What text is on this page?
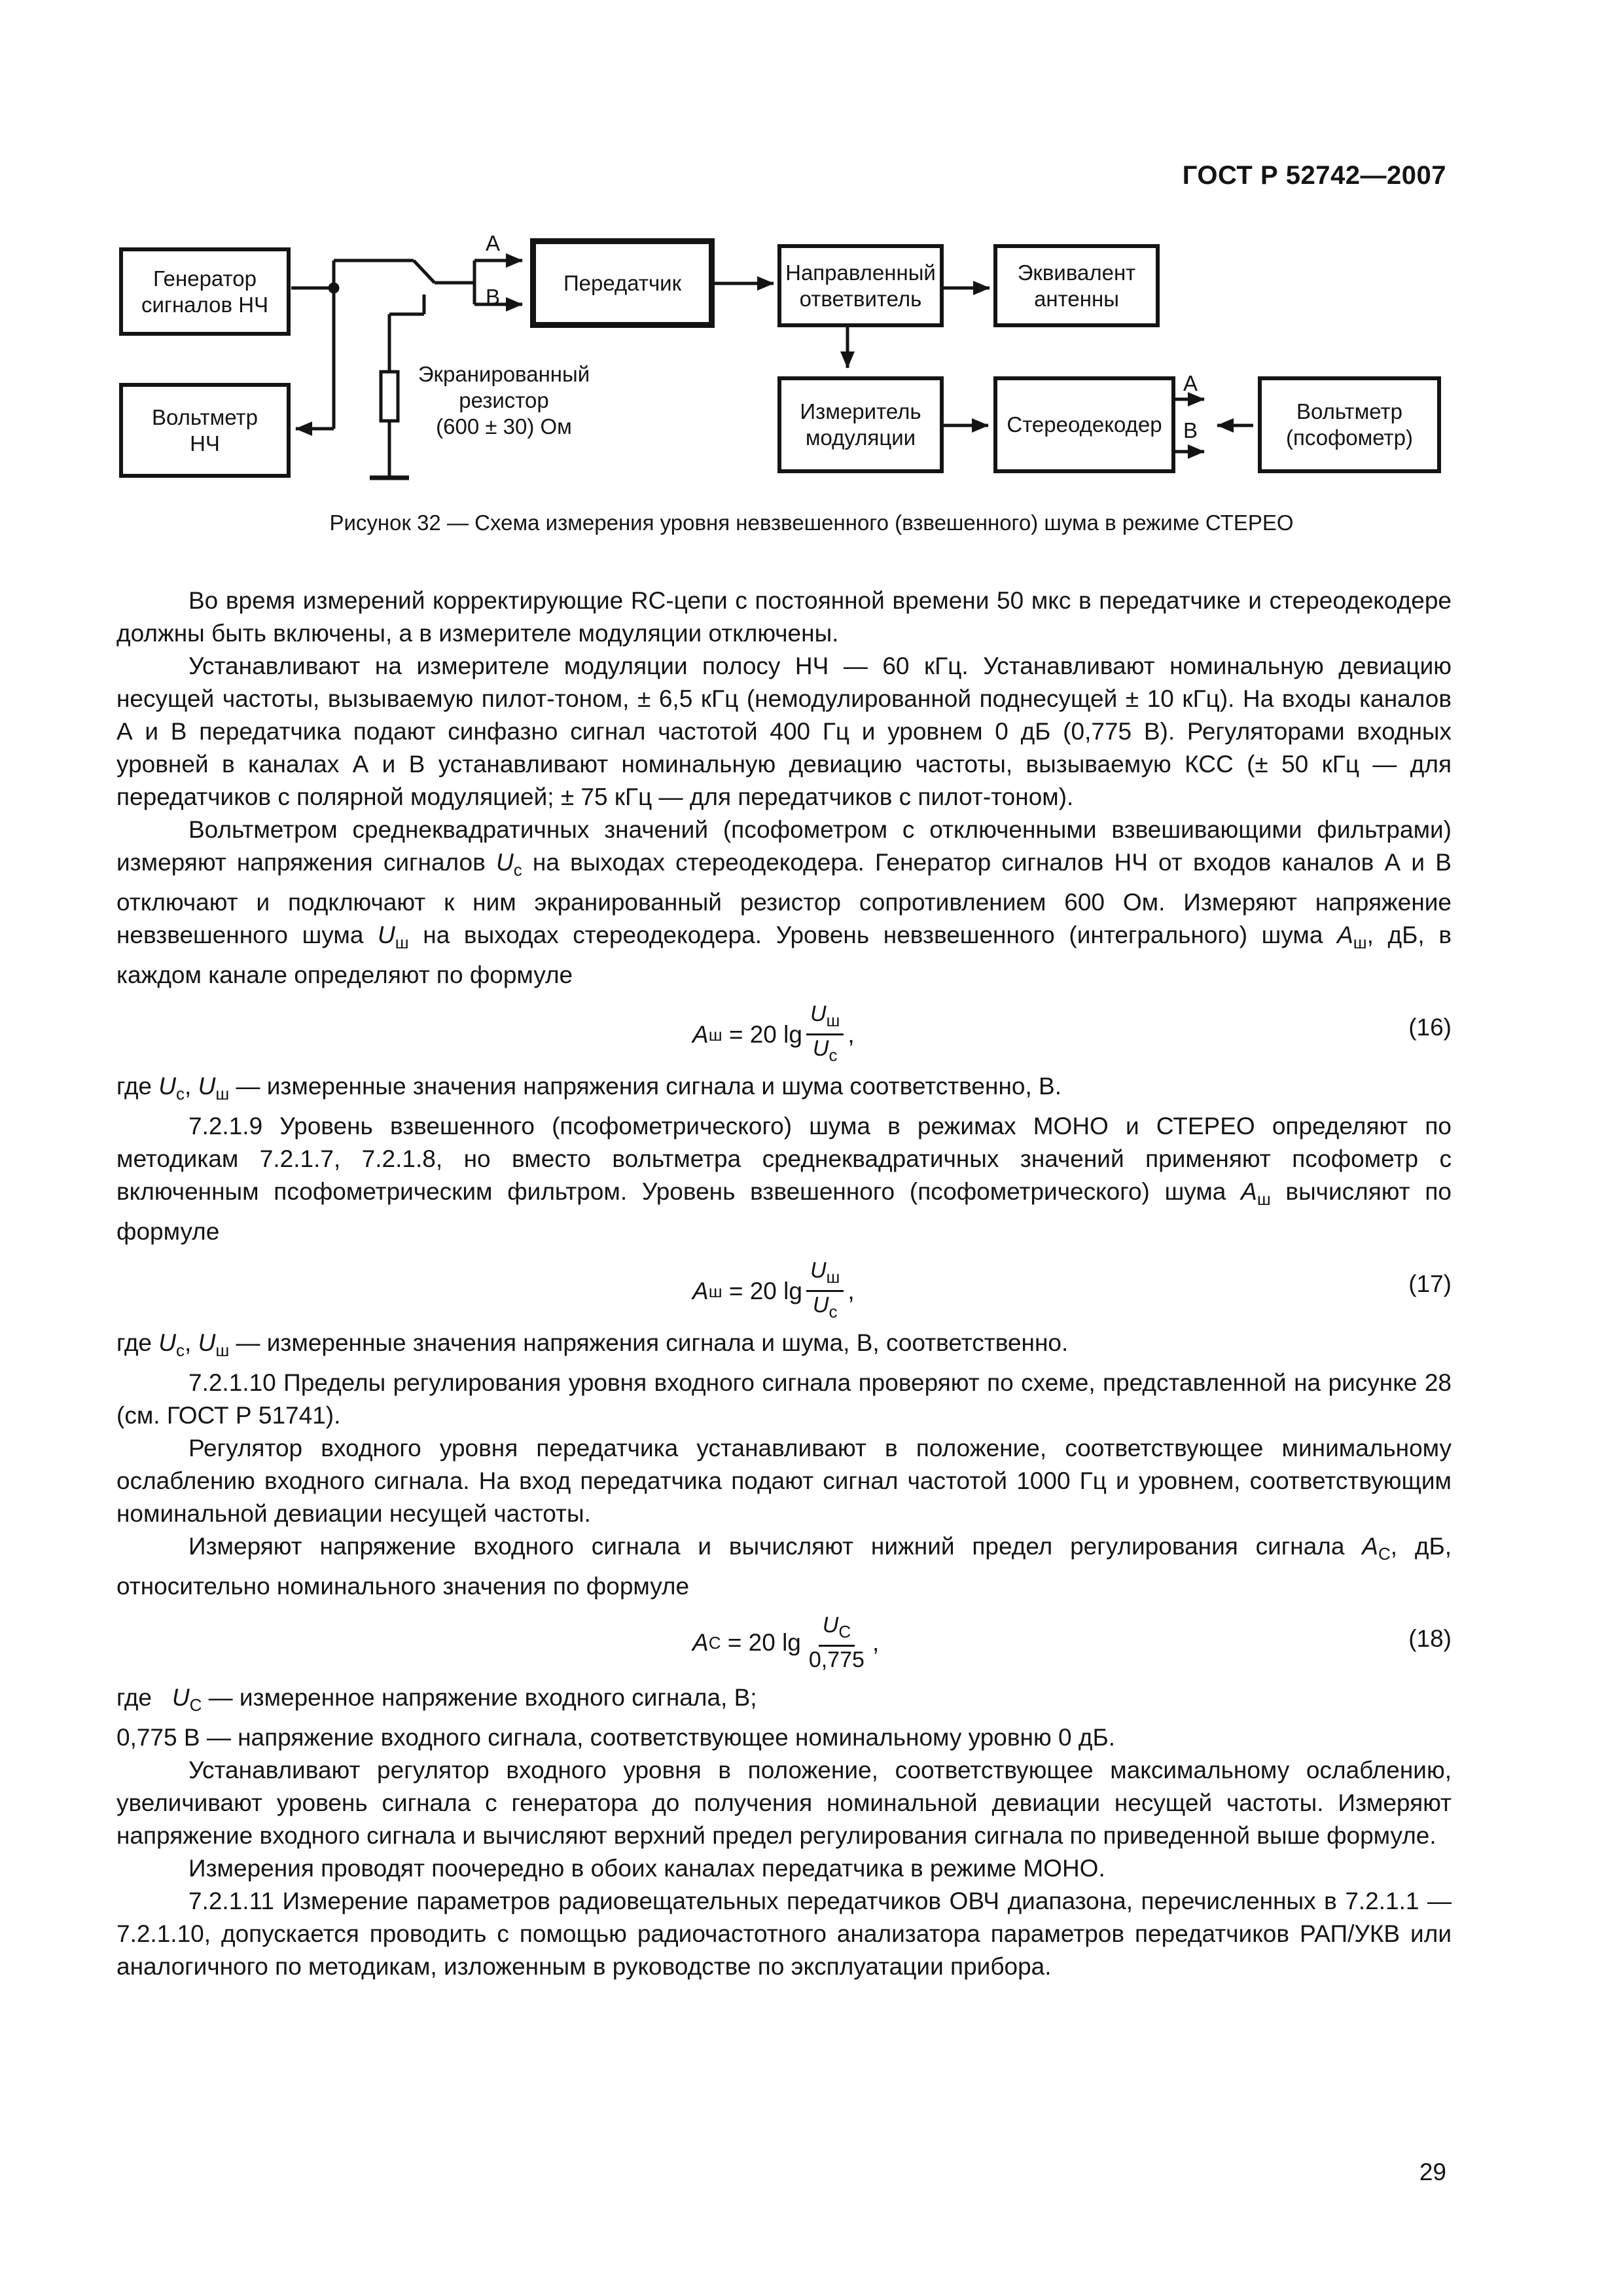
ГОСТ Р 52742—2007
Генератор
сигналов НЧ
Вольтметр
НЧ
Передатчик	Направленный
ответвитель
Эквивалент
антенны
Измеритель
модуляции
Стереодекодер
Вольтметр
(псофометр)
Экранированный
резистор
(600 ± 30) Ом
А
В
А
В
Рисунок 32 — Схема измерения уровня невзвешенного (взвешенного) шума в режиме СТЕРЕО

Во время измерений корректирующие RC-цепи с постоянной времени 50 мкс в передатчике и стереодекодере должны быть включены, а в измерителе модуляции отключены.

Устанавливают на измерителе модуляции полосу НЧ — 60 кГц. Устанавливают номинальную девиацию несущей частоты, вызываемую пилот-тоном, ± 6,5 кГц (немодулированной поднесущей ± 10 кГц). На входы каналов А и В передатчика подают синфазно сигнал частотой 400 Гц и уровнем 0 дБ (0,775 В). Регуляторами входных уровней в каналах А и В устанавливают номинальную девиацию частоты, вызываемую КСС (± 50 кГц — для передатчиков с полярной модуляцией; ± 75 кГц — для передатчиков с пилот-тоном).

Вольтметром среднеквадратичных значений (псофометром с отключенными взвешивающими фильтрами) измеряют напряжения сигналов $U_с$ на выходах стереодекодера. Генератор сигналов НЧ от входов каналов А и В отключают и подключают к ним экранированный резистор сопротивлением 600 Ом. Измеряют напряжение невзвешенного шума $U_ш$ на выходах стереодекодера. Уровень невзвешенного (интегрального) шума $A_ш$, дБ, в каждом канале определяют по формуле

A ш
= 20 $\lg \frac{U_ш}{U_с}$ ,	(16)

где $U_с$, $U_ш$ — измеренные значения напряжения сигнала и шума соответственно, В.

7.2.1.9 Уровень взвешенного (псофометрического) шума в режимах МОНО и СТЕРЕО определяют по методикам 7.2.1.7, 7.2.1.8, но вместо вольтметра среднеквадратичных значений применяют псофометр с включенным псофометрическим фильтром. Уровень взвешенного (псофометрического) шума $A_ш$ вычисляют по формуле

A ш
= 20 $\lg \frac{U_ш}{U_с}$ ,	(17)

где $U_с$, $U_ш$ — измеренные значения напряжения сигнала и шума, В, соответственно.

7.2.1.10 Пределы регулирования уровня входного сигнала проверяют по схеме, представленной на рисунке 28 (см. ГОСТ Р 51741).

Регулятор входного уровня передатчика устанавливают в положение, соответствующее минимальному ослаблению входного сигнала. На вход передатчика подают сигнал частотой 1000 Гц и уровнем, соответствующим номинальной девиации несущей частоты.

Измеряют напряжение входного сигнала и вычисляют нижний предел регулирования сигнала $A_С$, дБ, относительно номинального значения по формуле

A С
= 20 $\lg \frac{U_С}{0,775}$ ,	(18)

где $U_С$ — измеренное напряжение входного сигнала, В;

0,775 В — напряжение входного сигнала, соответствующее номинальному уровню 0 дБ.

Устанавливают регулятор входного уровня в положение, соответствующее максимальному ослаблению, увеличивают уровень сигнала с генератора до получения номинальной девиации несущей частоты. Измеряют напряжение входного сигнала и вычисляют верхний предел регулирования сигнала по приведенной выше формуле.

Измерения проводят поочередно в обоих каналах передатчика в режиме МОНО.

7.2.1.11 Измерение параметров радиовещательных передатчиков ОВЧ диапазона, перечисленных в 7.2.1.1 — 7.2.1.10, допускается проводить с помощью радиочастотного анализатора параметров передатчиков РАП/УКВ или аналогичного по методикам, изложенным в руководстве по эксплуатации прибора.

29
